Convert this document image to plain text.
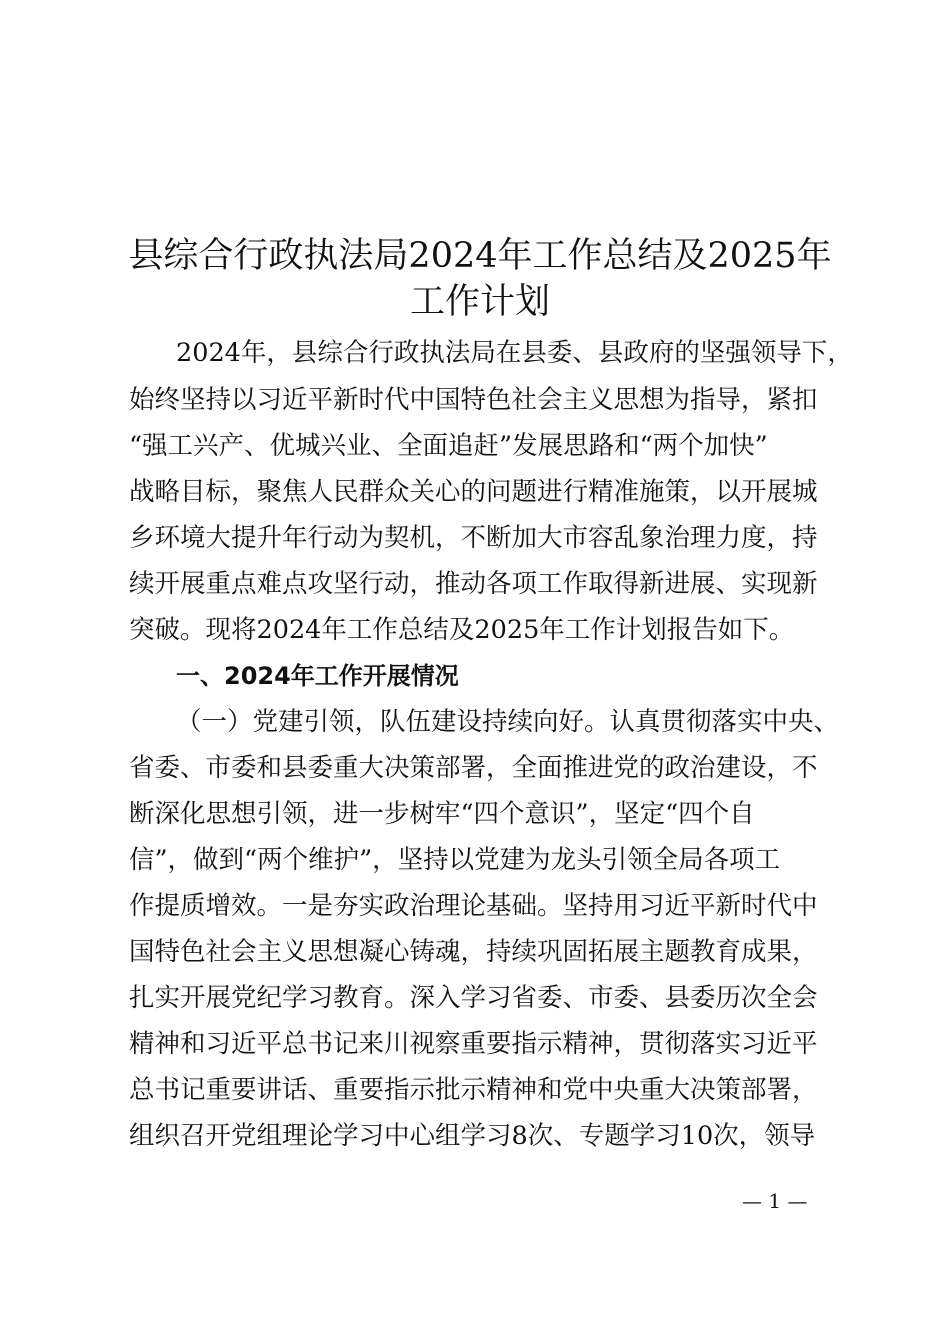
县综合行政执法局2024年工作总结及2025年
工作计划

2024年，县综合行政执法局在县委、县政府的坚强领导下，

始终坚持以习近平新时代中国特色社会主义思想为指导，紧扣

“强工兴产、优城兴业、全面追赶”发展思路和“两个加快”

战略目标，聚焦人民群众关心的问题进行精准施策，以开展城

乡环境大提升年行动为契机，不断加大市容乱象治理力度，持

续开展重点难点攻坚行动，推动各项工作取得新进展、实现新

突破。现将2024年工作总结及2025年工作计划报告如下。

一、2024年工作开展情况

（一）党建引领，队伍建设持续向好。认真贯彻落实中央、

省委、市委和县委重大决策部署，全面推进党的政治建设，不

断深化思想引领，进一步树牢“四个意识”，坚定“四个自

信”，做到“两个维护”，坚持以党建为龙头引领全局各项工

作提质增效。一是夯实政治理论基础。坚持用习近平新时代中

国特色社会主义思想凝心铸魂，持续巩固拓展主题教育成果，

扎实开展党纪学习教育。深入学习省委、市委、县委历次全会

精神和习近平总书记来川视察重要指示精神，贯彻落实习近平

总书记重要讲话、重要指示批示精神和党中央重大决策部署，

组织召开党组理论学习中心组学习8次、专题学习10次，领导

— 1 —
